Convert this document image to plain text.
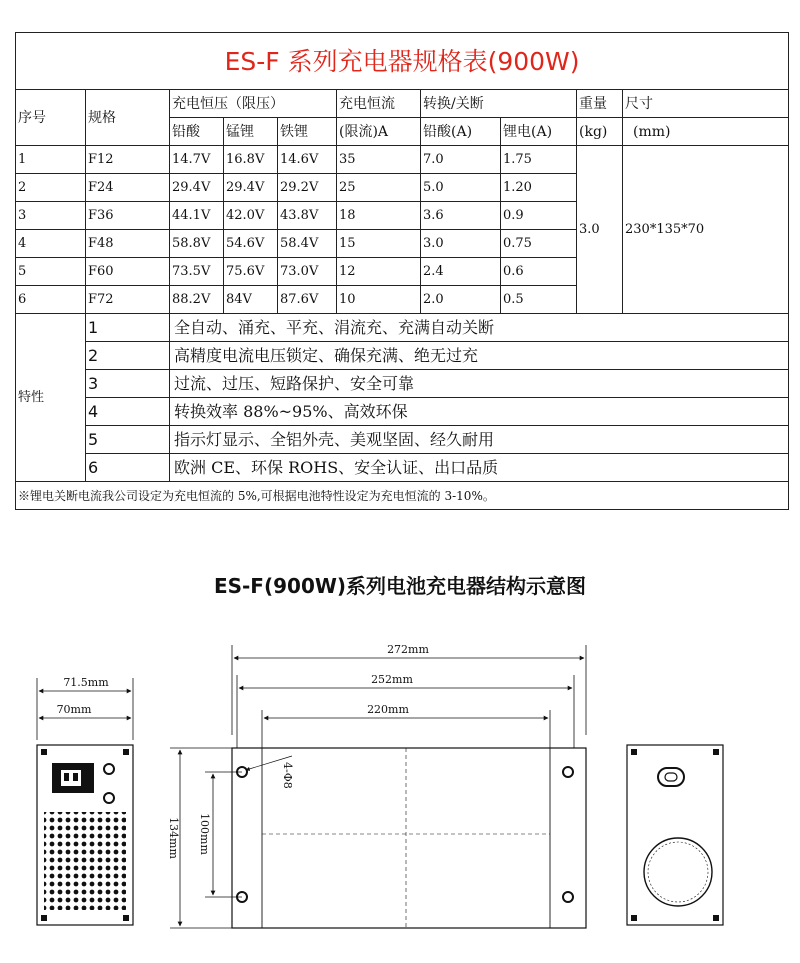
ES-F 系列充电器规格表(900W)									
序号	规格	充电恒压（限压）			充电恒流	转换/关断		重量	尺寸
		铅酸	锰锂	铁锂	(限流)A	铅酸(A)	锂电(A)	(kg)	(mm)
1	F12	14.7V	16.8V	14.6V	35	7.0	1.75	3.0	230*135*70
2	F24	29.4V	29.4V	29.2V	25	5.0	1.20		
3	F36	44.1V	42.0V	43.8V	18	3.6	0.9		
4	F48	58.8V	54.6V	58.4V	15	3.0	0.75		
5	F60	73.5V	75.6V	73.0V	12	2.4	0.6		
6	F72	88.2V	84V	87.6V	10	2.0	0.5		
特性	1	全自动、涌充、平充、涓流充、充满自动关断							
	2	高精度电流电压锁定、确保充满、绝无过充							
	3	过流、过压、短路保护、安全可靠							
	4	转换效率 88%~95%、高效环保							
	5	指示灯显示、全铝外壳、美观坚固、经久耐用							
	6	欧洲 CE、环保 ROHS、安全认证、出口品质							
※锂电关断电流我公司设定为充电恒流的 5%,可根据电池特性设定为充电恒流的 3-10%。									
ES-F(900W)系列电池充电器结构示意图
71.5mm
70mm
272mm
252mm
220mm
4-Φ8
134mm 100mm
